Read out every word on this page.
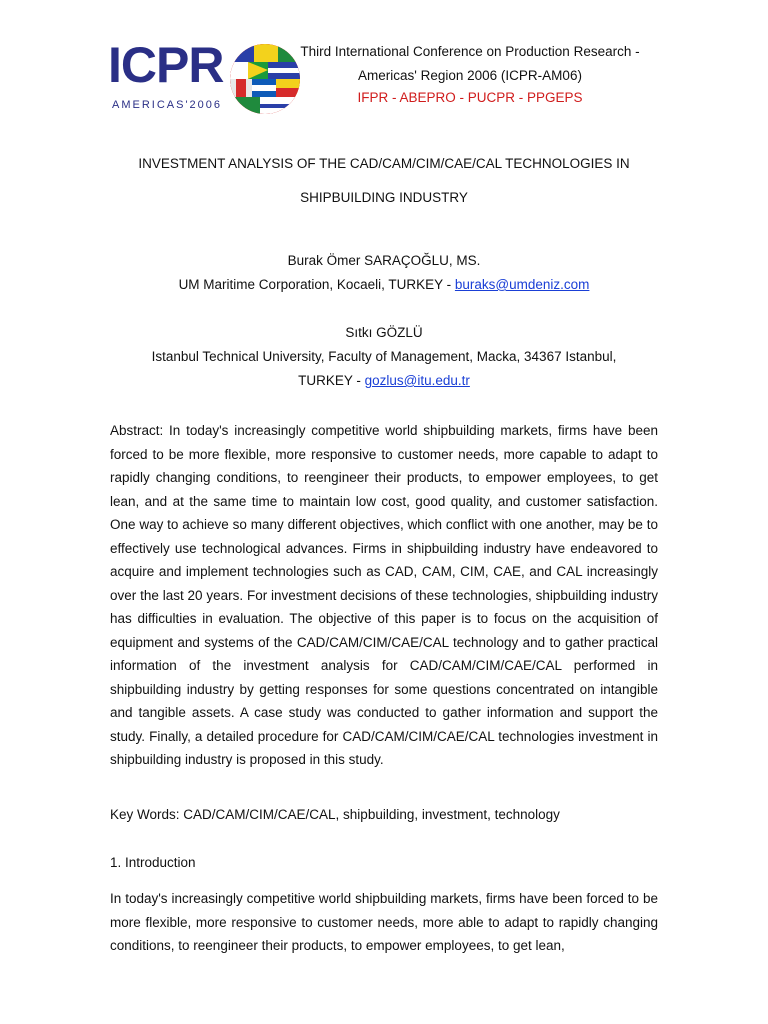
ICPR
AMERICAS'2006
Third International Conference on Production Research -
Americas' Region 2006 (ICPR-AM06)
IFPR - ABEPRO - PUCPR - PPGEPS
INVESTMENT ANALYSIS OF THE CAD/CAM/CIM/CAE/CAL TECHNOLOGIES IN
SHIPBUILDING INDUSTRY
Burak Ömer SARAÇOĞLU, MS.
UM Maritime Corporation, Kocaeli, TURKEY - buraks@umdeniz.com
Sıtkı GÖZLÜ
Istanbul Technical University, Faculty of Management, Macka, 34367 Istanbul,
TURKEY - gozlus@itu.edu.tr
Abstract: In today's increasingly competitive world shipbuilding markets, firms have been forced to be more flexible, more responsive to customer needs, more capable to adapt to rapidly changing conditions, to reengineer their products, to empower employees, to get lean, and at the same time to maintain low cost, good quality, and customer satisfaction. One way to achieve so many different objectives, which conflict with one another, may be to effectively use technological advances. Firms in shipbuilding industry have endeavored to acquire and implement technologies such as CAD, CAM, CIM, CAE, and CAL increasingly over the last 20 years. For investment decisions of these technologies, shipbuilding industry has difficulties in evaluation. The objective of this paper is to focus on the acquisition of equipment and systems of the CAD/CAM/CIM/CAE/CAL technology and to gather practical information of the investment analysis for CAD/CAM/CIM/CAE/CAL performed in shipbuilding industry by getting responses for some questions concentrated on intangible and tangible assets. A case study was conducted to gather information and support the study. Finally, a detailed procedure for CAD/CAM/CIM/CAE/CAL technologies investment in shipbuilding industry is proposed in this study.
Key Words: CAD/CAM/CIM/CAE/CAL, shipbuilding, investment, technology
1. Introduction
In today's increasingly competitive world shipbuilding markets, firms have been forced to be more flexible, more responsive to customer needs, more able to adapt to rapidly changing conditions, to reengineer their products, to empower employees, to get lean,
